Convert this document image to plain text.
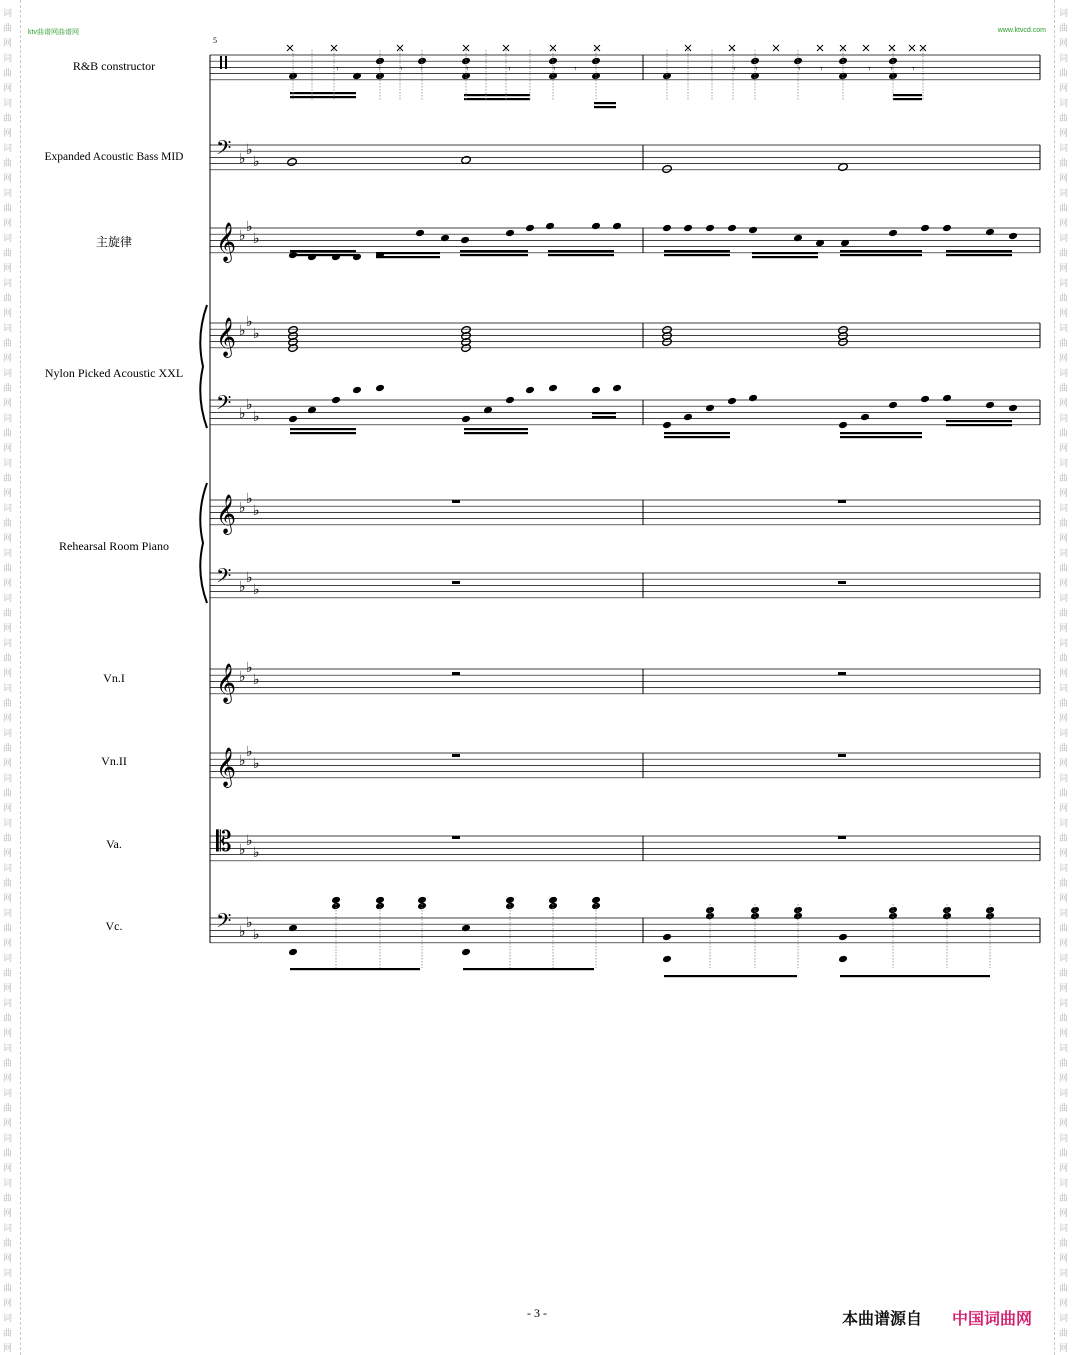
词
曲
网
词
曲
网
词
曲
网
词
曲
网
词
曲
网
词
曲
网
词
曲
网
词
曲
网
词
曲
网
词
曲
网
词
曲
网
词
曲
网
词
曲
网
词
曲
网
词
曲
网
词
曲
网
词
曲
网
词
曲
网
词
曲
网
词
曲
网
词
曲
网
词
曲
网
词
曲
网
词
曲
网
词
曲
网
词
曲
网
词
曲
网
词
曲
网
词
曲
网
词
曲
网
词
曲
网
词
曲
网
词
曲
网
词
曲
网
词
曲
网
词
曲
网
词
曲
网
词
曲
网
词
曲
网
词
曲
网
词
曲
网
词
曲
网
词
曲
网
词
曲
网
词
曲
网
词
曲
网
词
曲
网
词
曲
网
词
曲
网
词
曲
网
词
曲
网
词
曲
网
词
曲
网
词
曲
网
词
曲
网
词
曲
网
词
曲
网
词
曲
网
词
曲
网
词
曲
网
ktv曲谱网曲谱网	www.ktvcd.com
5
R&B constructor
Expanded Acoustic Bass MID
主旋律
Nylon Picked Acoustic XXL
Rehearsal Room Piano
Vn.I
Vn.II
Va.
Vc.
𝄢 ♭
♭
♭
𝄞 ♭
♭
♭
𝄞 ♭
♭
♭
𝄢 ♭
♭
♭
𝄞 ♭
♭
♭
𝄢 ♭
♭
♭
𝄞 ♭
♭
♭
𝄞 ♭
♭
♭
𝄡 ♭
♭
♭
𝄢 ♭
♭
♭
𝄾	𝄾 𝄾 𝄾	𝄾	𝄾	𝄾 𝄾	𝄾 𝄾 𝄾	𝄾 𝄾	𝄾 𝄾 𝄾
- 3 -	本曲谱源自 中国词曲网
